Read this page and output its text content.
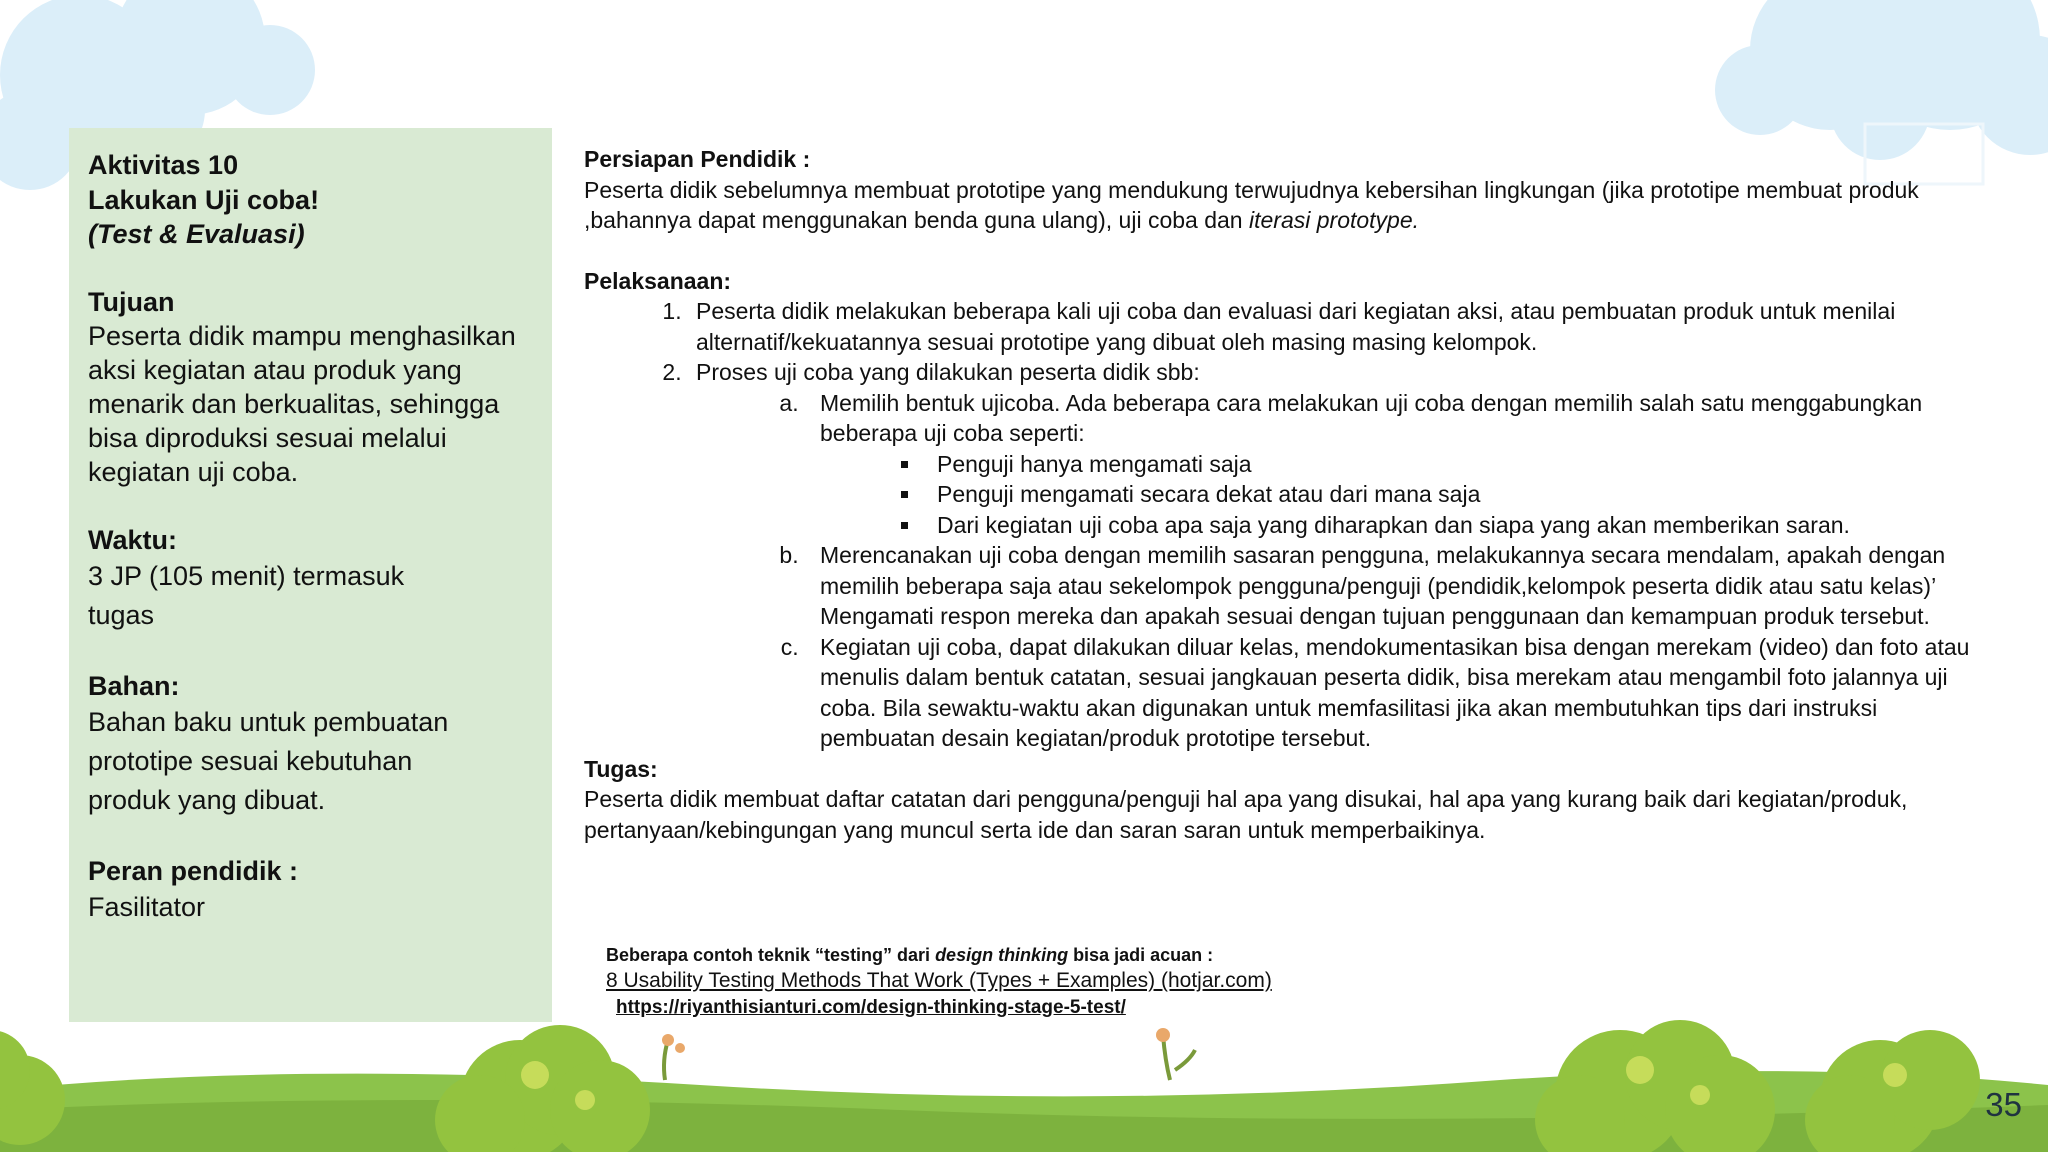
Aktivitas 10

Lakukan Uji coba!

(Test & Evaluasi)

Tujuan

Peserta didik mampu menghasilkan aksi kegiatan atau produk yang menarik dan berkualitas, sehingga bisa diproduksi sesuai melalui kegiatan uji coba.

Waktu:

3 JP (105 menit) termasuk tugas

Bahan:

Bahan baku untuk pembuatan prototipe sesuai kebutuhan produk yang dibuat.

Peran pendidik :

Fasilitator

Persiapan Pendidik :

Peserta didik sebelumnya membuat prototipe yang mendukung terwujudnya kebersihan lingkungan (jika prototipe membuat produk ,bahannya dapat menggunakan benda guna ulang), uji coba dan iterasi prototype.

Pelaksanaan:

1. Peserta didik melakukan beberapa kali uji coba dan evaluasi dari kegiatan aksi, atau pembuatan produk untuk menilai alternatif/kekuatannya sesuai prototipe yang dibuat oleh masing masing kelompok.
2. Proses uji coba yang dilakukan peserta didik sbb:
a. Memilih bentuk ujicoba. Ada beberapa cara melakukan uji coba dengan memilih salah satu menggabungkan beberapa uji coba seperti:
▪ Penguji hanya mengamati saja
▪ Penguji mengamati secara dekat atau dari mana saja
▪ Dari kegiatan uji coba apa saja yang diharapkan dan siapa yang akan memberikan saran.
b. Merencanakan uji coba dengan memilih sasaran pengguna, melakukannya secara mendalam, apakah dengan memilih beberapa saja atau sekelompok pengguna/penguji (pendidik,kelompok peserta didik atau satu kelas)’ Mengamati respon mereka dan apakah sesuai dengan tujuan penggunaan dan kemampuan produk tersebut.
c. Kegiatan uji coba, dapat dilakukan diluar kelas, mendokumentasikan bisa dengan merekam (video) dan foto atau menulis dalam bentuk catatan, sesuai jangkauan peserta didik, bisa merekam atau mengambil foto jalannya uji coba. Bila sewaktu-waktu akan digunakan untuk memfasilitasi jika akan membutuhkan tips dari instruksi pembuatan desain kegiatan/produk prototipe tersebut.

Tugas:

Peserta didik membuat daftar catatan dari pengguna/penguji hal apa yang disukai, hal apa yang kurang baik dari kegiatan/produk, pertanyaan/kebingungan yang muncul serta ide dan saran saran untuk memperbaikinya.

Beberapa contoh teknik “testing” dari design thinking bisa jadi acuan :
8 Usability Testing Methods That Work (Types + Examples) (hotjar.com)
https://riyanthisianturi.com/design-thinking-stage-5-test/
35
